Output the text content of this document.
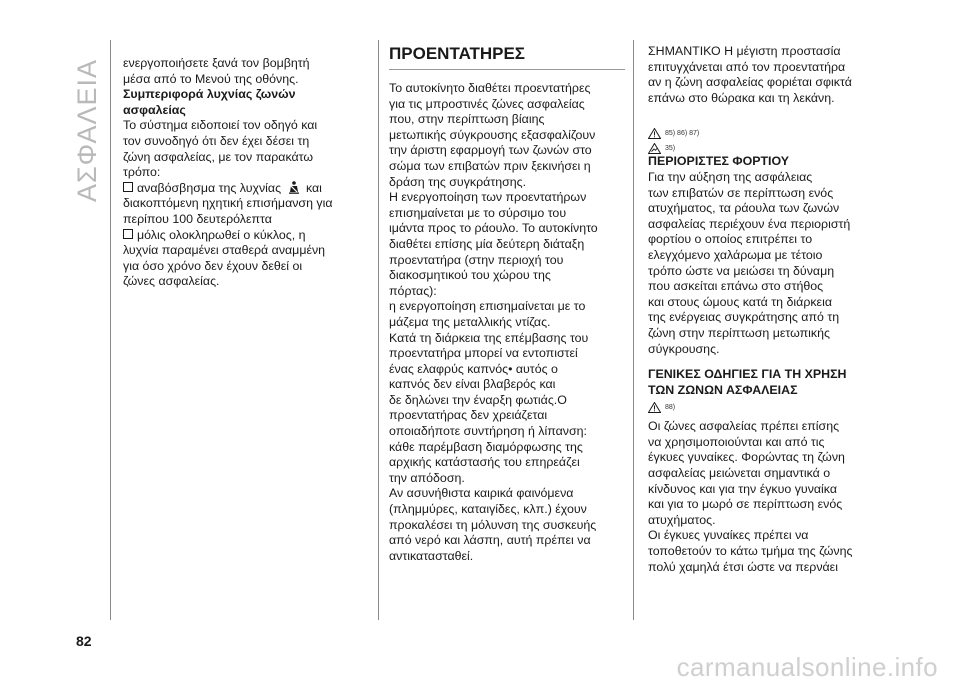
ΑΣΦΑΛΕΙΑ ενεργοποιήσετε ξανά τον βομβητή

μέσα από το Μενού της οθόνης.

Συμπεριφορά λυχνίας ζωνών

ασφαλείας

Το σύστημα ειδοποιεί τον οδηγό και

τον συνοδηγό ότι δεν έχει δέσει τη

ζώνη ασφαλείας, με τον παρακάτω

τρόπο:

αναβόσβησμα της λυχνίας και

διακοπτόμενη ηχητική επισήμανση για

περίπου 100 δευτερόλεπτα

μόλις ολοκληρωθεί ο κύκλος, η

λυχνία παραμένει σταθερά αναμμένη

για όσο χρόνο δεν έχουν δεθεί οι

ζώνες ασφαλείας.

ΠΡΟΕΝΤΑΤΗΡΕΣ

Το αυτοκίνητο διαθέτει προεντατήρες

για τις μπροστινές ζώνες ασφαλείας

που, στην περίπτωση βίαιης

μετωπικής σύγκρουσης εξασφαλίζουν

την άριστη εφαρμογή των ζωνών στο

σώμα των επιβατών πριν ξεκινήσει η

δράση της συγκράτησης.

Η ενεργοποίηση των προεντατήρων

επισημαίνεται με το σύρσιμο του

ιμάντα προς το ράουλο. Το αυτοκίνητο

διαθέτει επίσης μία δεύτερη διάταξη

προεντατήρα (στην περιοχή του

διακοσμητικού του χώρου της

πόρτας):

η ενεργοποίηση επισημαίνεται με το

μάζεμα της μεταλλικής ντίζας.

Κατά τη διάρκεια της επέμβασης του

προεντατήρα μπορεί να εντοπιστεί

ένας ελαφρύς καπνός• αυτός ο

καπνός δεν είναι βλαβερός και

δε δηλώνει την έναρξη φωτιάς.Ο

προεντατήρας δεν χρειάζεται

οποιαδήποτε συντήρηση ή λίπανση:

κάθε παρέμβαση διαμόρφωσης της

αρχικής κατάστασής του επηρεάζει

την απόδοση.

Αν ασυνήθιστα καιρικά φαινόμενα

(πλημμύρες, καταιγίδες, κλπ.) έχουν

προκαλέσει τη μόλυνση της συσκευής

από νερό και λάσπη, αυτή πρέπει να

αντικατασταθεί.

ΣΗΜΑΝΤΙΚΟ Η μέγιστη προστασία

επιτυγχάνεται από τον προεντατήρα

αν η ζώνη ασφαλείας φοριέται σφικτά

επάνω στο θώρακα και τη λεκάνη.

85) 86) 87)
35)

ΠΕΡΙΟΡΙΣΤΕΣ ΦΟΡΤΙΟΥ

Για την αύξηση της ασφάλειας

των επιβατών σε περίπτωση ενός

ατυχήματος, τα ράουλα των ζωνών

ασφαλείας περιέχουν ένα περιοριστή

φορτίου ο οποίος επιτρέπει το

ελεγχόμενο χαλάρωμα με τέτοιο

τρόπο ώστε να μειώσει τη δύναμη

που ασκείται επάνω στο στήθος

και στους ώμους κατά τη διάρκεια

της ενέργειας συγκράτησης από τη

ζώνη στην περίπτωση μετωπικής

σύγκρουσης.

ΓΕΝΙΚΕΣ ΟΔΗΓΙΕΣ ΓΙΑ ΤΗ ΧΡΗΣΗ

ΤΩΝ ΖΩΝΩΝ ΑΣΦΑΛΕΙΑΣ

88)

Οι ζώνες ασφαλείας πρέπει επίσης

να χρησιμοποιούνται και από τις

έγκυες γυναίκες. Φορώντας τη ζώνη

ασφαλείας μειώνεται σημαντικά ο

κίνδυνος και για την έγκυο γυναίκα

και για το μωρό σε περίπτωση ενός

ατυχήματος.

Οι έγκυες γυναίκες πρέπει να

τοποθετούν το κάτω τμήμα της ζώνης

πολύ χαμηλά έτσι ώστε να περνάει

82
carmanualsonline.info
